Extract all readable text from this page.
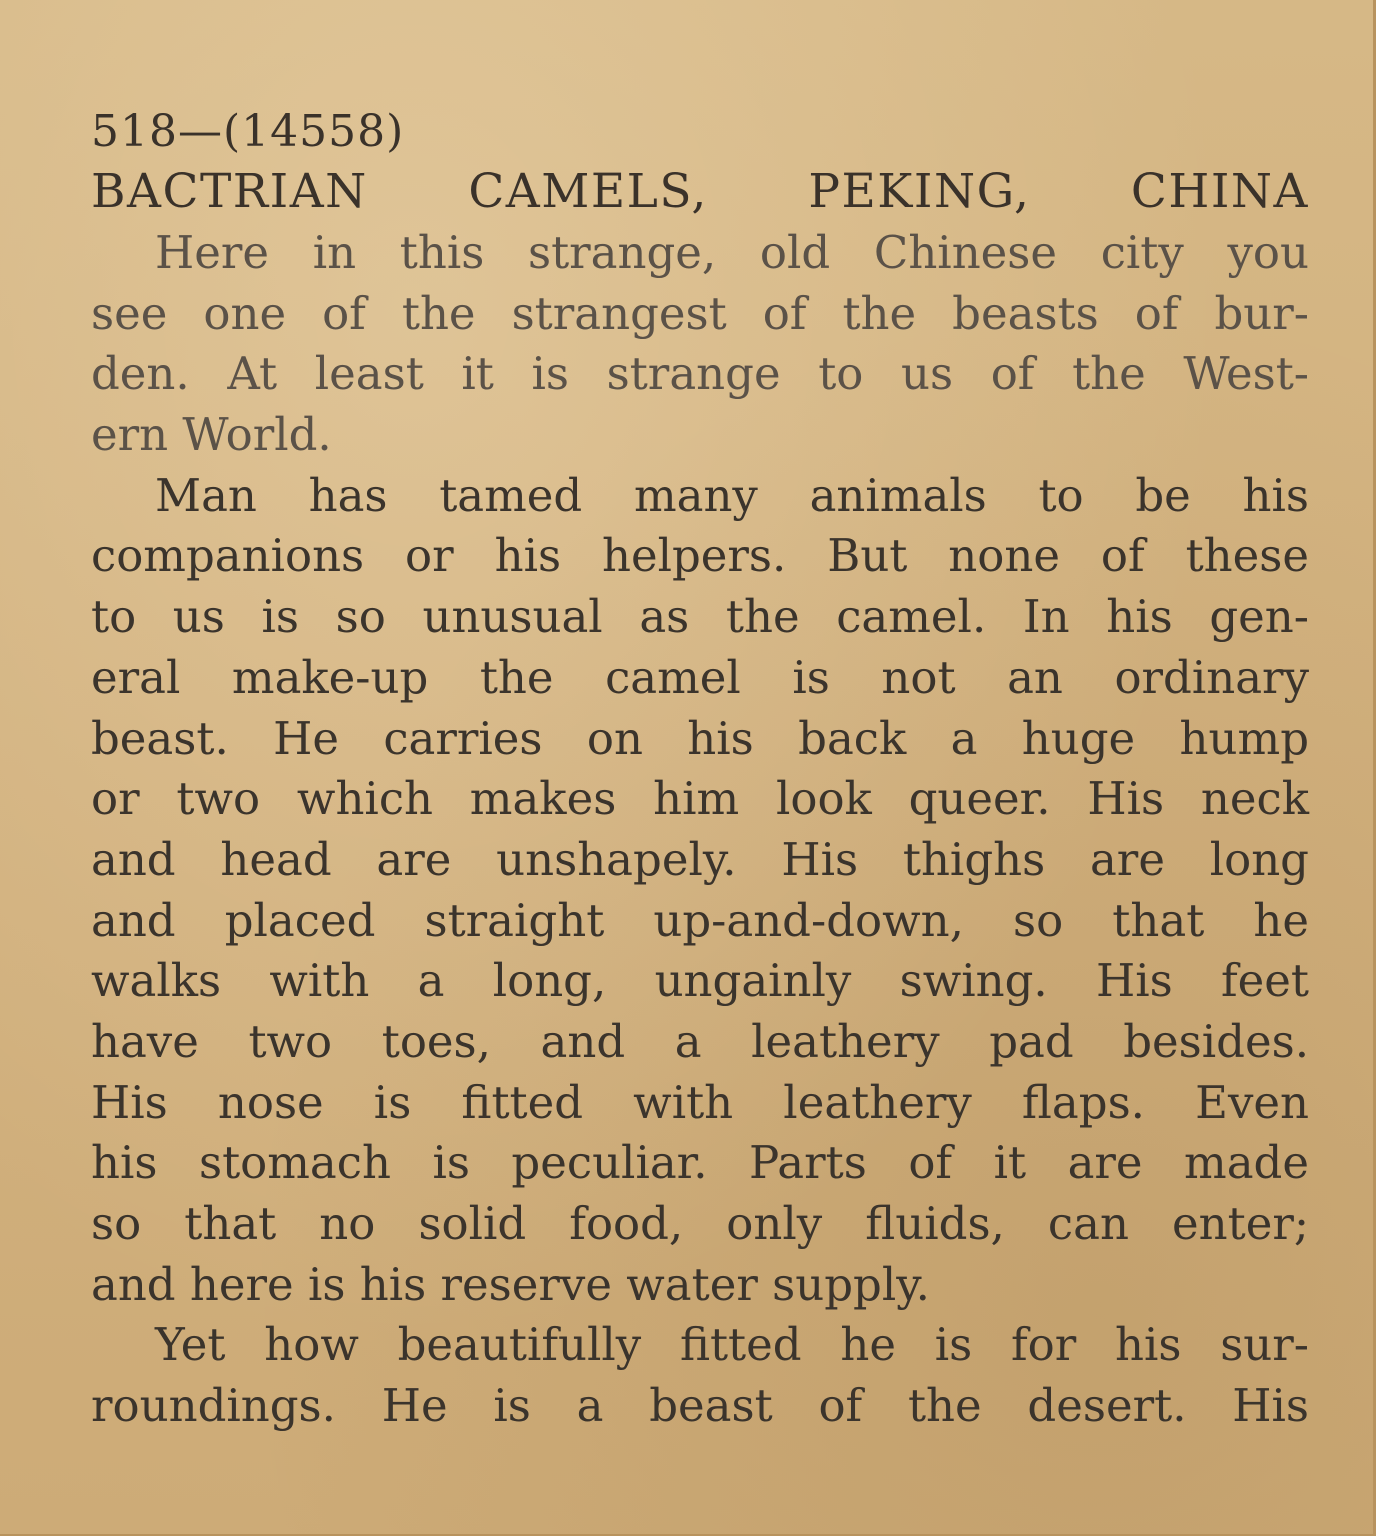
518—(14558)
BACTRIAN CAMELS, PEKING, CHINA
Here in this strange, old Chinese city you
see one of the strangest of the beasts of bur-
den. At least it is strange to us of the West-
ern World.
Man has tamed many animals to be his
companions or his helpers. But none of these
to us is so unusual as the camel. In his gen-
eral make-up the camel is not an ordinary
beast. He carries on his back a huge hump
or two which makes him look queer. His neck
and head are unshapely. His thighs are long
and placed straight up-and-down, so that he
walks with a long, ungainly swing. His feet
have two toes, and a leathery pad besides.
His nose is fitted with leathery flaps. Even
his stomach is peculiar. Parts of it are made
so that no solid food, only fluids, can enter;
and here is his reserve water supply.
Yet how beautifully fitted he is for his sur-
roundings. He is a beast of the desert. His
